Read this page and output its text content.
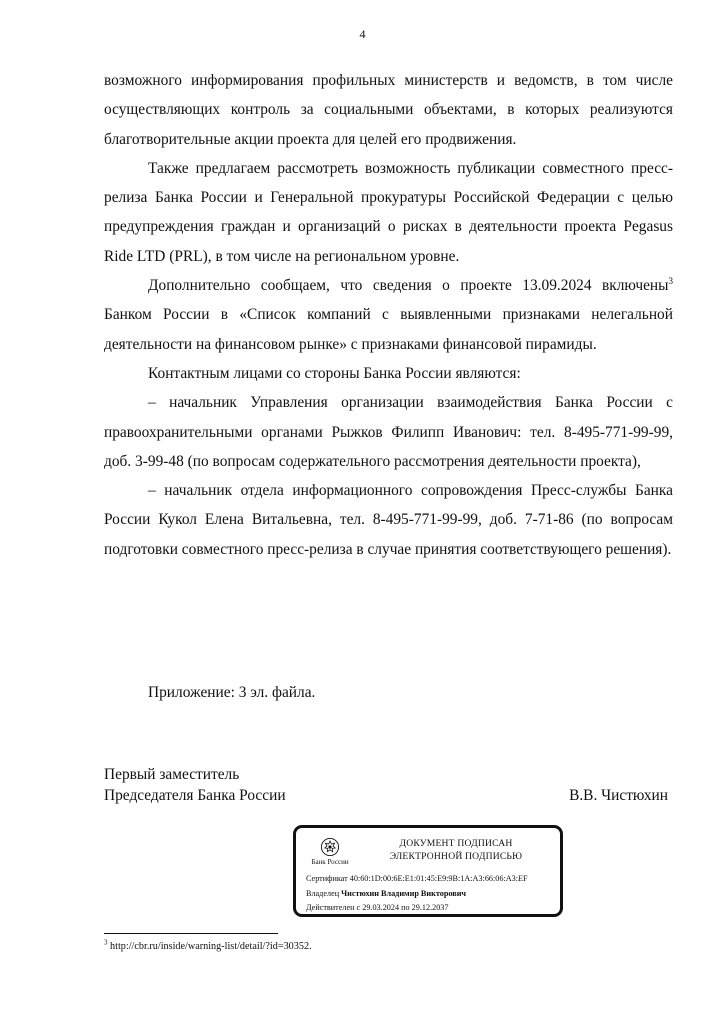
4

возможного информирования профильных министерств и ведомств, в том числе осуществляющих контроль за социальными объектами, в которых реализуются благотворительные акции проекта для целей его продвижения.

Также предлагаем рассмотреть возможность публикации совместного пресс-релиза Банка России и Генеральной прокуратуры Российской Федерации с целью предупреждения граждан и организаций о рисках в деятельности проекта Pegasus Ride LTD (PRL), в том числе на региональном уровне.

Дополнительно сообщаем, что сведения о проекте 13.09.2024 включены$^3$ Банком России в «Список компаний с выявленными признаками нелегальной деятельности на финансовом рынке» с признаками финансовой пирамиды.

Контактным лицами со стороны Банка России являются:

– начальник Управления организации взаимодействия Банка России с правоохранительными органами Рыжков Филипп Иванович: тел. 8-495-771-99-99, доб. 3-99-48 (по вопросам содержательного рассмотрения деятельности проекта),

– начальник отдела информационного сопровождения Пресс-службы Банка России Кукол Елена Витальевна, тел. 8-495-771-99-99, доб. 7-71-86 (по вопросам подготовки совместного пресс-релиза в случае принятия соответствующего решения).

Приложение: 3 эл. файла.
Первый заместитель
Председателя Банка России	В.В. Чистюхин
Банк России
ДОКУМЕНТ ПОДПИСАН
ЭЛЕКТРОННОЙ ПОДПИСЬЮ
Сертификат 40:60:1D:00:6E:E1:01:45:E9:9B:1A:A3:66:06:A3:EF
Владелец Чистюхин Владимир Викторович
Действителен с 29.03.2024 по 29.12.2037
$^3$ http://cbr.ru/inside/warning-list/detail/?id=30352.
